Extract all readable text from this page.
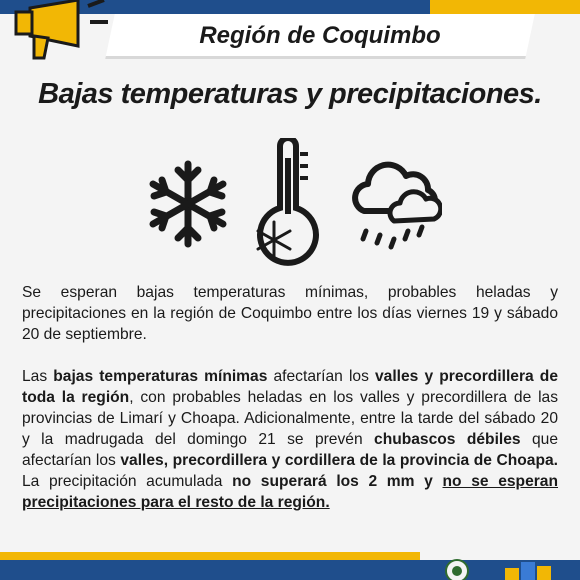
Región de Coquimbo
Bajas temperaturas y precipitaciones.
Se esperan bajas temperaturas mínimas, probables heladas y precipitaciones en la región de Coquimbo entre los días viernes 19 y sábado 20 de septiembre.
Las bajas temperaturas mínimas afectarían los valles y precordillera de toda la región, con probables heladas en los valles y precordillera de las provincias de Limarí y Choapa. Adicionalmente, entre la tarde del sábado 20 y la madrugada del domingo 21 se prevén chubascos débiles que afectarían los valles, precordillera y cordillera de la provincia de Choapa. La precipitación acumulada no superará los 2 mm y no se esperan precipitaciones para el resto de la región.
